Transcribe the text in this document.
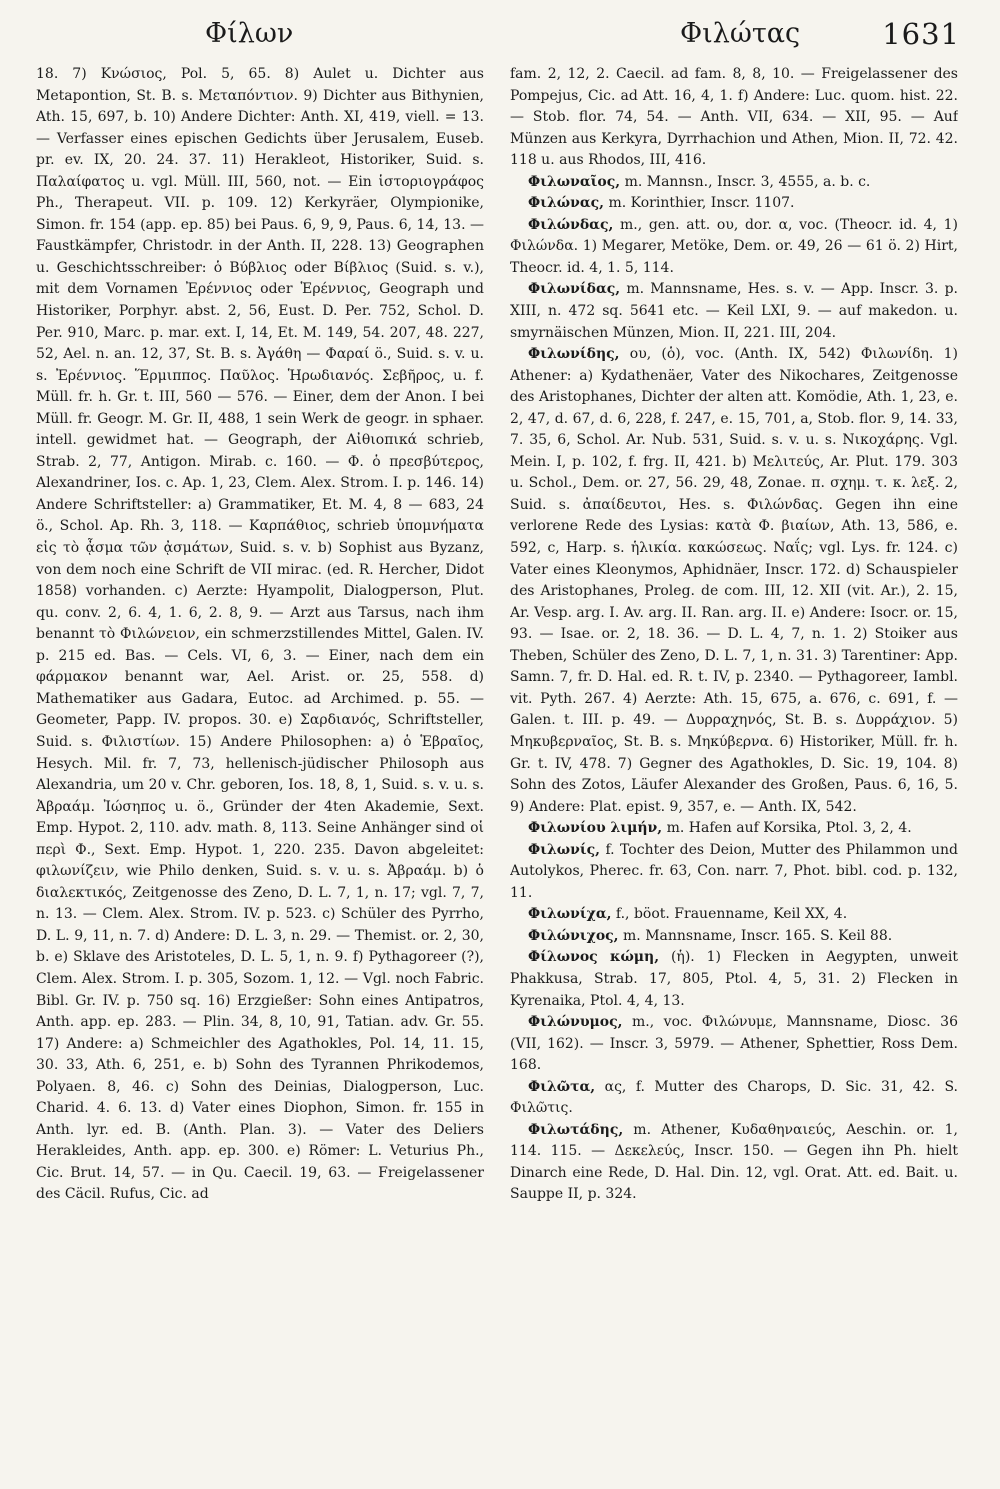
Φίλων	Φιλώτας	1631

18. 7) Κνώσιος, Pol. 5, 65. 8) Aulet u. Dichter aus Metapontion, St. B. s. Μεταπόντιον. 9) Dichter aus Bithynien, Ath. 15, 697, b. 10) Andere Dichter: Anth. XI, 419, viell. = 13. — Verfasser eines epischen Gedichts über Jerusalem, Euseb. pr. ev. IX, 20. 24. 37. 11) Herakleot, Historiker, Suid. s. Παλαίφατος u. vgl. Müll. III, 560, not. — Ein ἱστοριογράφος Ph., Therapeut. VII. p. 109. 12) Kerkyräer, Olympionike, Simon. fr. 154 (app. ep. 85) bei Paus. 6, 9, 9, Paus. 6, 14, 13. — Faustkämpfer, Christodr. in der Anth. II, 228. 13) Geographen u. Geschichtsschreiber: ὁ Βύβλιος oder Βίβλιος (Suid. s. v.), mit dem Vornamen Ἐρέννιος oder Ἑρέννιος, Geograph und Historiker, Porphyr. abst. 2, 56, Eust. D. Per. 752, Schol. D. Per. 910, Marc. p. mar. ext. I, 14, Et. M. 149, 54. 207, 48. 227, 52, Ael. n. an. 12, 37, St. B. s. Ἀγάθη — Φαραί ö., Suid. s. v. u. s. Ἐρέννιος. Ἕρμιππος. Παῦλος. Ἡρωδιανός. Σεβῆρος, u. f. Müll. fr. h. Gr. t. III, 560 — 576. — Einer, dem der Anon. I bei Müll. fr. Geogr. M. Gr. II, 488, 1 sein Werk de geogr. in sphaer. intell. gewidmet hat. — Geograph, der Αἰθιοπικά schrieb, Strab. 2, 77, Antigon. Mirab. c. 160. — Φ. ὁ πρεσβύτερος, Alexandriner, Ios. c. Ap. 1, 23, Clem. Alex. Strom. I. p. 146. 14) Andere Schriftsteller: a) Grammatiker, Et. M. 4, 8 — 683, 24 ö., Schol. Ap. Rh. 3, 118. — Καρπάθιος, schrieb ὑπομνήματα εἰς τὸ ᾆσμα τῶν ᾀσμάτων, Suid. s. v. b) Sophist aus Byzanz, von dem noch eine Schrift de VII mirac. (ed. R. Hercher, Didot 1858) vorhanden. c) Aerzte: Hyampolit, Dialogperson, Plut. qu. conv. 2, 6. 4, 1. 6, 2. 8, 9. — Arzt aus Tarsus, nach ihm benannt τὸ Φιλώνειον, ein schmerzstillendes Mittel, Galen. IV. p. 215 ed. Bas. — Cels. VI, 6, 3. — Einer, nach dem ein φάρμακον benannt war, Ael. Arist. or. 25, 558. d) Mathematiker aus Gadara, Eutoc. ad Archimed. p. 55. — Geometer, Papp. IV. propos. 30. e) Σαρδιανός, Schriftsteller, Suid. s. Φιλιστίων. 15) Andere Philosophen: a) ὁ Ἑβραῖος, Hesych. Mil. fr. 7, 73, hellenisch-jüdischer Philosoph aus Alexandria, um 20 v. Chr. geboren, Ios. 18, 8, 1, Suid. s. v. u. s. Ἀβραάμ. Ἰώσηπος u. ö., Gründer der 4ten Akademie, Sext. Emp. Hypot. 2, 110. adv. math. 8, 113. Seine Anhänger sind οἱ περὶ Φ., Sext. Emp. Hypot. 1, 220. 235. Davon abgeleitet: φιλωνίζειν, wie Philo denken, Suid. s. v. u. s. Ἀβραάμ. b) ὁ διαλεκτικός, Zeitgenosse des Zeno, D. L. 7, 1, n. 17; vgl. 7, 7, n. 13. — Clem. Alex. Strom. IV. p. 523. c) Schüler des Pyrrho, D. L. 9, 11, n. 7. d) Andere: D. L. 3, n. 29. — Themist. or. 2, 30, b. e) Sklave des Aristoteles, D. L. 5, 1, n. 9. f) Pythagoreer (?), Clem. Alex. Strom. I. p. 305, Sozom. 1, 12. — Vgl. noch Fabric. Bibl. Gr. IV. p. 750 sq. 16) Erzgießer: Sohn eines Antipatros, Anth. app. ep. 283. — Plin. 34, 8, 10, 91, Tatian. adv. Gr. 55. 17) Andere: a) Schmeichler des Agathokles, Pol. 14, 11. 15, 30. 33, Ath. 6, 251, e. b) Sohn des Tyrannen Phrikodemos, Polyaen. 8, 46. c) Sohn des Deinias, Dialogperson, Luc. Charid. 4. 6. 13. d) Vater eines Diophon, Simon. fr. 155 in Anth. lyr. ed. B. (Anth. Plan. 3). — Vater des Deliers Herakleides, Anth. app. ep. 300. e) Römer: L. Veturius Ph., Cic. Brut. 14, 57. — in Qu. Caecil. 19, 63. — Freigelassener des Cäcil. Rufus, Cic. ad

fam. 2, 12, 2. Caecil. ad fam. 8, 8, 10. — Freigelassener des Pompejus, Cic. ad Att. 16, 4, 1. f) Andere: Luc. quom. hist. 22. — Stob. flor. 74, 54. — Anth. VII, 634. — XII, 95. — Auf Münzen aus Kerkyra, Dyrrhachion und Athen, Mion. II, 72. 42. 118 u. aus Rhodos, III, 416.

Φιλωναῖος, m. Mannsn., Inscr. 3, 4555, a. b. c.

Φιλώνας, m. Korinthier, Inscr. 1107.

Φιλώνδας, m., gen. att. ου, dor. α, voc. (Theocr. id. 4, 1) Φιλώνδα. 1) Megarer, Metöke, Dem. or. 49, 26 — 61 ö. 2) Hirt, Theocr. id. 4, 1. 5, 114.

Φιλωνίδας, m. Mannsname, Hes. s. v. — App. Inscr. 3. p. XIII, n. 472 sq. 5641 etc. — Keil LXI, 9. — auf makedon. u. smyrnäischen Münzen, Mion. II, 221. III, 204.

Φιλωνίδης, ου, (ὁ), voc. (Anth. IX, 542) Φιλωνίδη. 1) Athener: a) Kydathenäer, Vater des Nikochares, Zeitgenosse des Aristophanes, Dichter der alten att. Komödie, Ath. 1, 23, e. 2, 47, d. 67, d. 6, 228, f. 247, e. 15, 701, a, Stob. flor. 9, 14. 33, 7. 35, 6, Schol. Ar. Nub. 531, Suid. s. v. u. s. Νικοχάρης. Vgl. Mein. I, p. 102, f. frg. II, 421. b) Μελιτεύς, Ar. Plut. 179. 303 u. Schol., Dem. or. 27, 56. 29, 48, Zonae. π. σχημ. τ. κ. λεξ. 2, Suid. s. ἀπαίδευτοι, Hes. s. Φιλώνδας. Gegen ihn eine verlorene Rede des Lysias: κατὰ Φ. βιαίων, Ath. 13, 586, e. 592, c, Harp. s. ἡλικία. κακώσεως. Ναΐς; vgl. Lys. fr. 124. c) Vater eines Kleonymos, Aphidnäer, Inscr. 172. d) Schauspieler des Aristophanes, Proleg. de com. III, 12. XII (vit. Ar.), 2. 15, Ar. Vesp. arg. I. Av. arg. II. Ran. arg. II. e) Andere: Isocr. or. 15, 93. — Isae. or. 2, 18. 36. — D. L. 4, 7, n. 1. 2) Stoiker aus Theben, Schüler des Zeno, D. L. 7, 1, n. 31. 3) Tarentiner: App. Samn. 7, fr. D. Hal. ed. R. t. IV, p. 2340. — Pythagoreer, Iambl. vit. Pyth. 267. 4) Aerzte: Ath. 15, 675, a. 676, c. 691, f. — Galen. t. III. p. 49. — Δυρραχηνός, St. B. s. Δυρράχιον. 5) Μηκυβερναῖος, St. B. s. Μηκύβερνα. 6) Historiker, Müll. fr. h. Gr. t. IV, 478. 7) Gegner des Agathokles, D. Sic. 19, 104. 8) Sohn des Zotos, Läufer Alexander des Großen, Paus. 6, 16, 5. 9) Andere: Plat. epist. 9, 357, e. — Anth. IX, 542.

Φιλωνίου λιμήν, m. Hafen auf Korsika, Ptol. 3, 2, 4.

Φιλωνίς, f. Tochter des Deion, Mutter des Philammon und Autolykos, Pherec. fr. 63, Con. narr. 7, Phot. bibl. cod. p. 132, 11.

Φιλωνίχα, f., böot. Frauenname, Keil XX, 4.

Φιλώνιχος, m. Mannsname, Inscr. 165. S. Keil 88.

Φίλωνος κώμη, (ἡ). 1) Flecken in Aegypten, unweit Phakkusa, Strab. 17, 805, Ptol. 4, 5, 31. 2) Flecken in Kyrenaika, Ptol. 4, 4, 13.

Φιλώνυμος, m., voc. Φιλώνυμε, Mannsname, Diosc. 36 (VII, 162). — Inscr. 3, 5979. — Athener, Sphettier, Ross Dem. 168.

Φιλῶτα, ας, f. Mutter des Charops, D. Sic. 31, 42. S. Φιλῶτις.

Φιλωτάδης, m. Athener, Κυδαθηναιεύς, Aeschin. or. 1, 114. 115. — Δεκελεύς, Inscr. 150. — Gegen ihn Ph. hielt Dinarch eine Rede, D. Hal. Din. 12, vgl. Orat. Att. ed. Bait. u. Sauppe II, p. 324.
